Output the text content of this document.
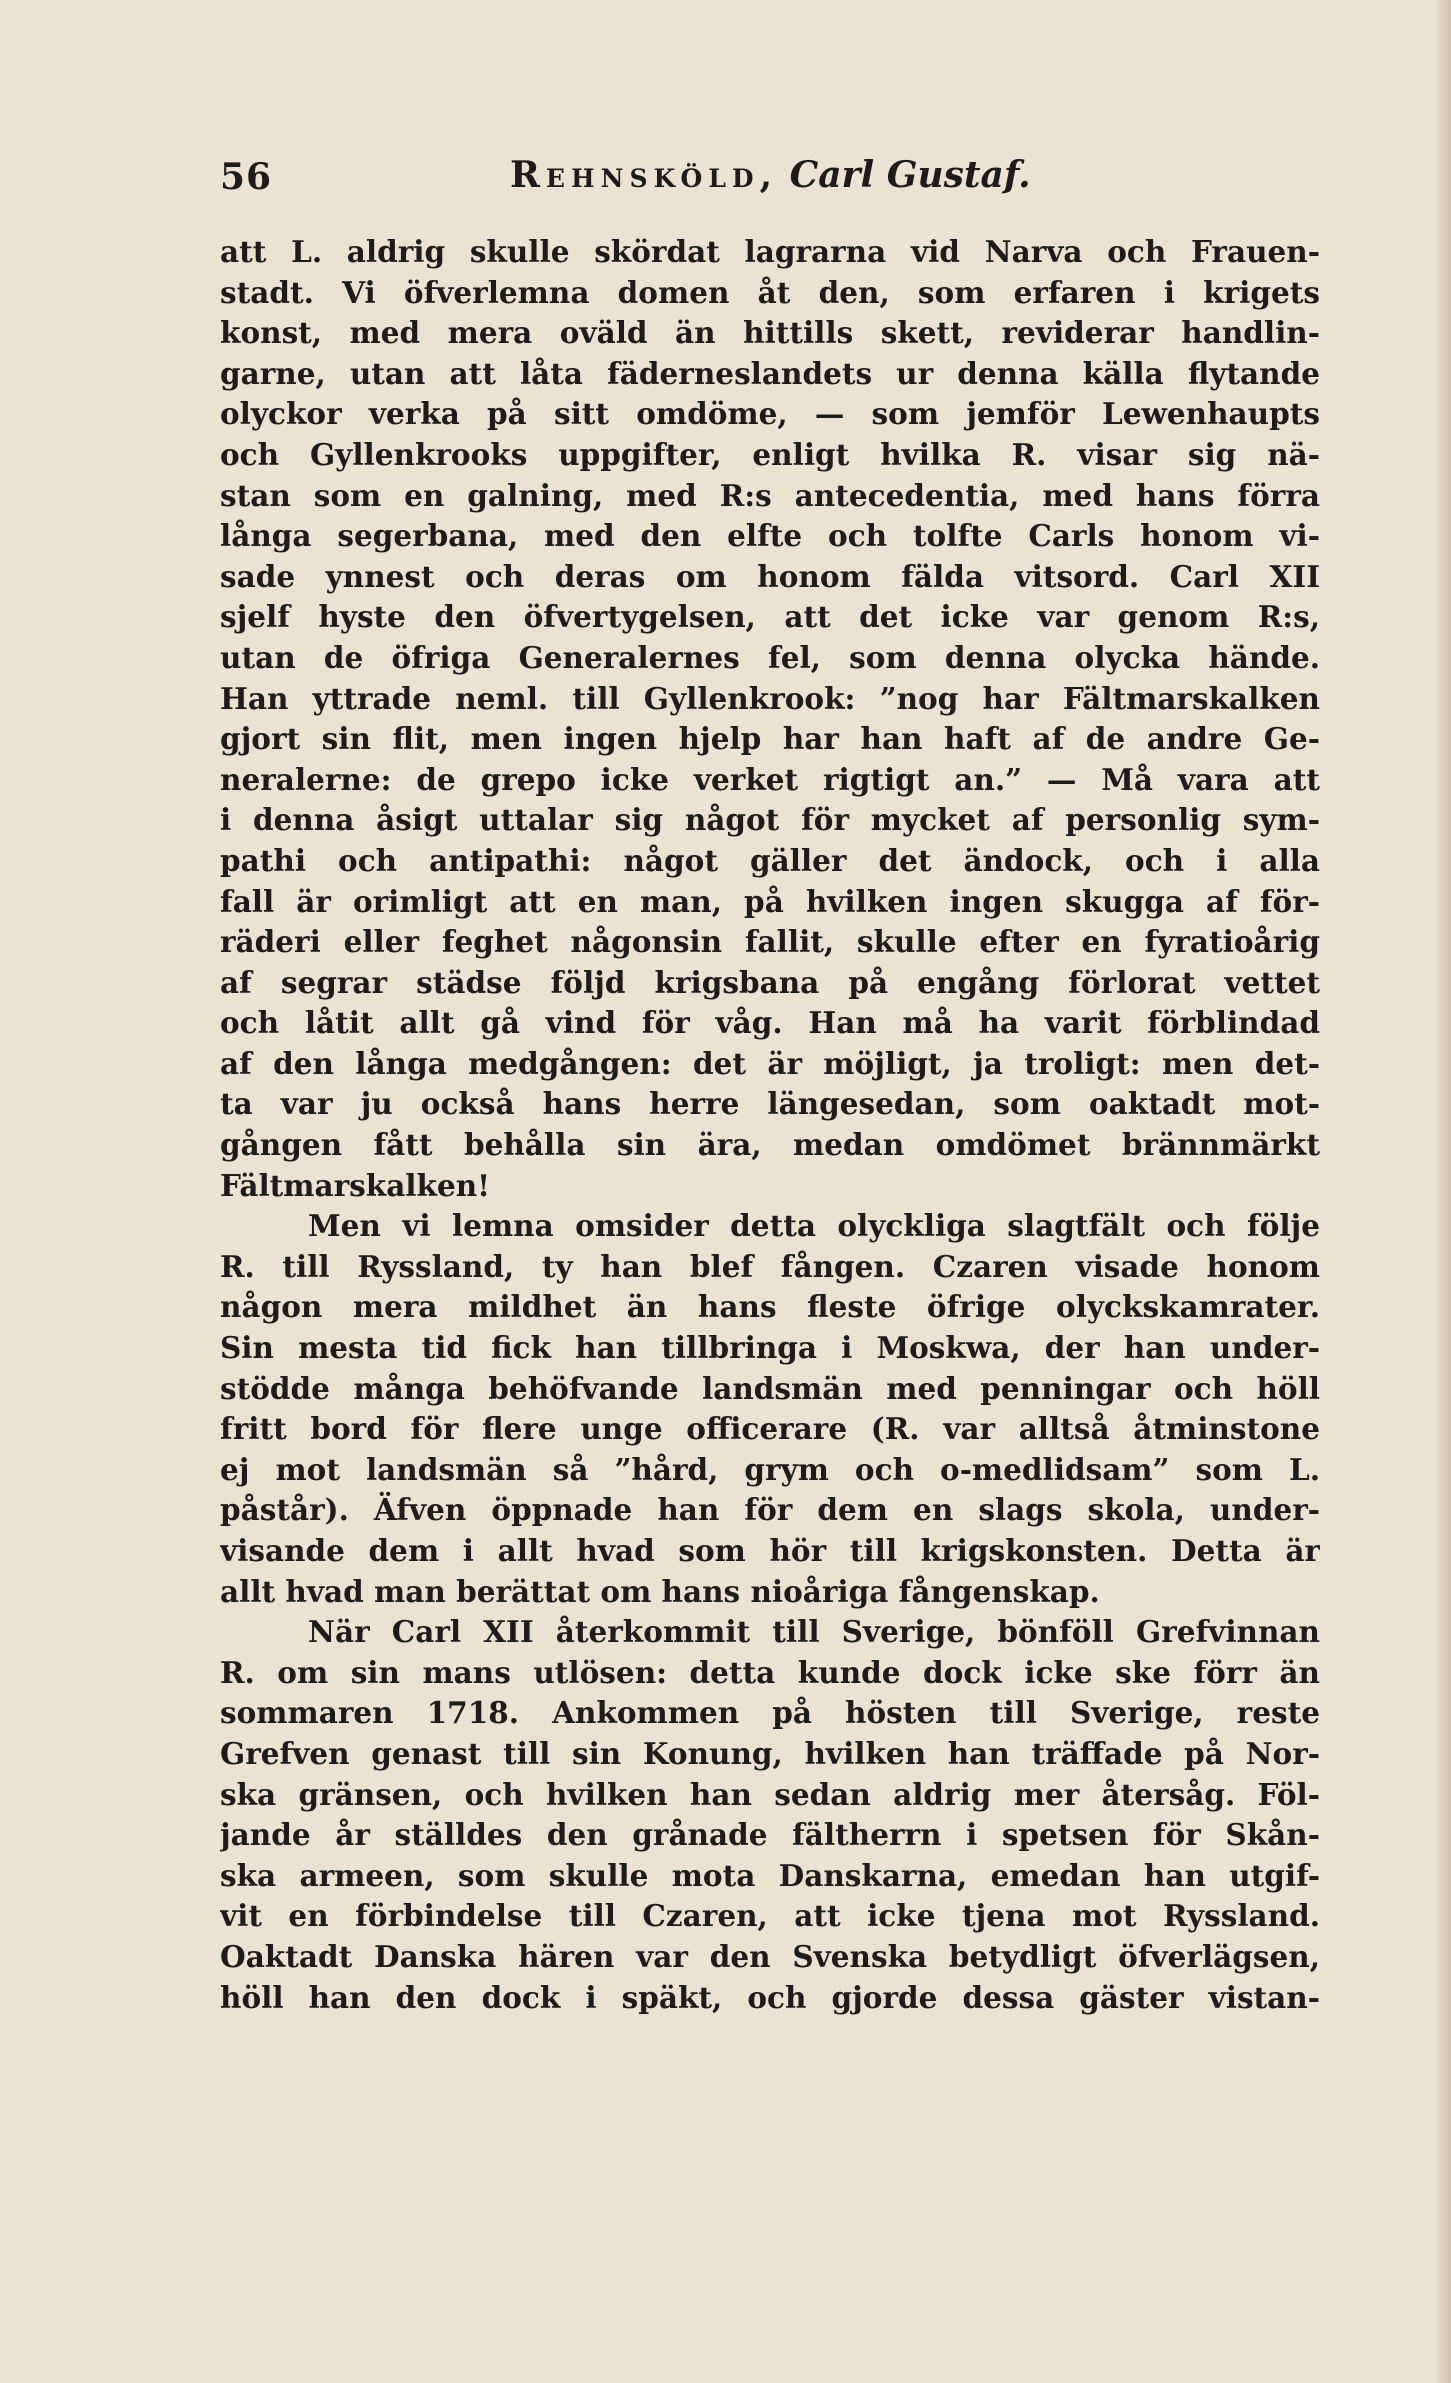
56	Rehnsköld, Carl Gustaf.
att L. aldrig skulle skördat lagrarna vid Narva och Frauen-
stadt. Vi öfverlemna domen åt den, som erfaren i krigets
konst, med mera oväld än hittills skett, reviderar handlin-
garne, utan att låta fäderneslandets ur denna källa flytande
olyckor verka på sitt omdöme, — som jemför Lewenhaupts
och Gyllenkrooks uppgifter, enligt hvilka R. visar sig nä-
stan som en galning, med R:s antecedentia, med hans förra
långa segerbana, med den elfte och tolfte Carls honom vi-
sade ynnest och deras om honom fälda vitsord. Carl XII
sjelf hyste den öfvertygelsen, att det icke var genom R:s,
utan de öfriga Generalernes fel, som denna olycka hände.
Han yttrade neml. till Gyllenkrook: ”nog har Fältmarskalken
gjort sin flit, men ingen hjelp har han haft af de andre Ge-
neralerne: de grepo icke verket rigtigt an.” — Må vara att
i denna åsigt uttalar sig något för mycket af personlig sym-
pathi och antipathi: något gäller det ändock, och i alla
fall är orimligt att en man, på hvilken ingen skugga af för-
räderi eller feghet någonsin fallit, skulle efter en fyratioårig
af segrar städse följd krigsbana på engång förlorat vettet
och låtit allt gå vind för våg. Han må ha varit förblindad
af den långa medgången: det är möjligt, ja troligt: men det-
ta var ju också hans herre längesedan, som oaktadt mot-
gången fått behålla sin ära, medan omdömet brännmärkt
Fältmarskalken!
Men vi lemna omsider detta olyckliga slagtfält och följe
R. till Ryssland, ty han blef fången. Czaren visade honom
någon mera mildhet än hans fleste öfrige olyckskamrater.
Sin mesta tid fick han tillbringa i Moskwa, der han under-
stödde många behöfvande landsmän med penningar och höll
fritt bord för flere unge officerare (R. var alltså åtminstone
ej mot landsmän så ”hård, grym och o-medlidsam” som L.
påstår). Äfven öppnade han för dem en slags skola, under-
visande dem i allt hvad som hör till krigskonsten. Detta är
allt hvad man berättat om hans nioåriga fångenskap.
När Carl XII återkommit till Sverige, bönföll Grefvinnan
R. om sin mans utlösen: detta kunde dock icke ske förr än
sommaren 1718. Ankommen på hösten till Sverige, reste
Grefven genast till sin Konung, hvilken han träffade på Nor-
ska gränsen, och hvilken han sedan aldrig mer återsåg. Föl-
jande år ställdes den grånade fältherrn i spetsen för Skån-
ska armeen, som skulle mota Danskarna, emedan han utgif-
vit en förbindelse till Czaren, att icke tjena mot Ryssland.
Oaktadt Danska hären var den Svenska betydligt öfverlägsen,
höll han den dock i späkt, och gjorde dessa gäster vistan-
